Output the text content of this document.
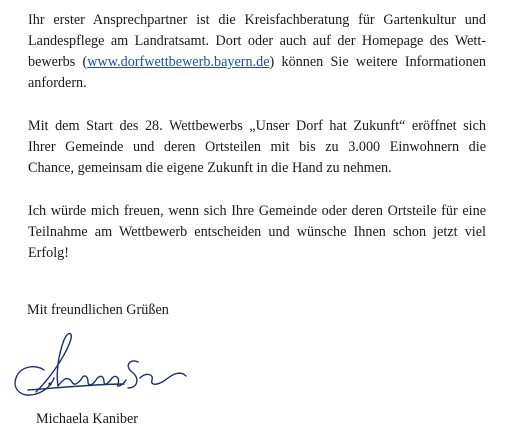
Ihr erster Ansprechpartner ist die Kreisfachberatung für Gartenkultur und
Landespflege am Landratsamt. Dort oder auch auf der Homepage des Wett-
bewerbs (www.dorfwettbewerb.bayern.de) können Sie weitere Informationen
anfordern.

Mit dem Start des 28. Wettbewerbs „Unser Dorf hat Zukunft“ eröffnet sich
Ihrer Gemeinde und deren Ortsteilen mit bis zu 3.000 Einwohnern die
Chance, gemeinsam die eigene Zukunft in die Hand zu nehmen.

Ich würde mich freuen, wenn sich Ihre Gemeinde oder deren Ortsteile für eine
Teilnahme am Wettbewerb entscheiden und wünsche Ihnen schon jetzt viel
Erfolg!

Mit freundlichen Grüßen
Michaela Kaniber
